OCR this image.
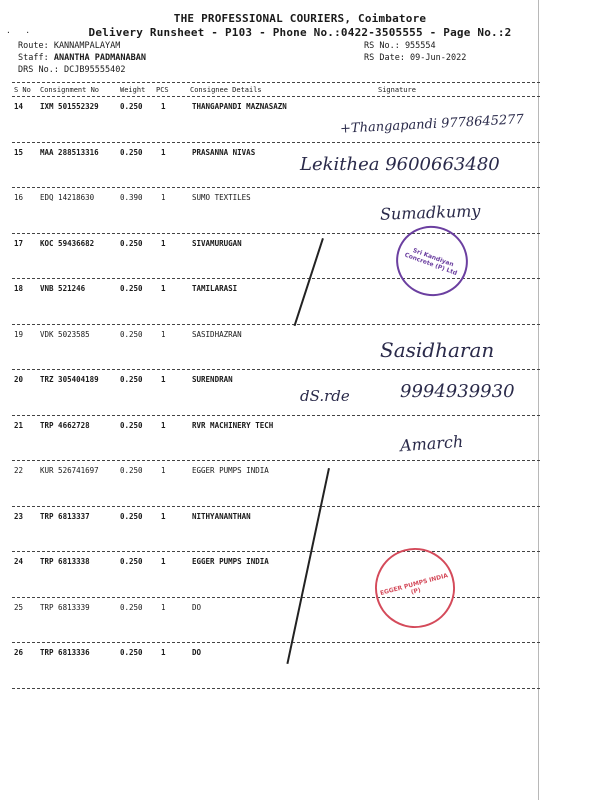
·   ·
THE PROFESSIONAL COURIERS, Coimbatore
Delivery Runsheet - P103 - Phone No.:0422-3505555 - Page No.:2
Route: KANNAMPALAYAM
Staff: ANANTHA PADMANABAN
DRS No.: DCJB95555402
RS No.: 955554
RS Date: 09-Jun-2022
S No Consignment No	Weight PCS	Consignee Details	Signature
14 IXM 501552329	0.250 1	THANGAPANDI MAZNASAZN
15 MAA 288513316	0.250 1	PRASANNA NIVAS
16 EDQ 14218630	0.390 1	SUMO TEXTILES
17 KOC 59436682	0.250 1	SIVAMURUGAN
18 VNB 521246	0.250 1	TAMILARASI
19 VDK 5023585	0.250 1	SASIDHAZRAN
20 TRZ 305404189	0.250 1	SURENDRAN
21 TRP 4662728	0.250 1	RVR MACHINERY TECH
22 KUR 526741697	0.250 1	EGGER PUMPS INDIA
23 TRP 6813337	0.250 1	NITHYANANTHAN
24 TRP 6813338	0.250 1	EGGER PUMPS INDIA
25 TRP 6813339	0.250 1	DO
26 TRP 6813336	0.250 1	DO
+Thangapandi 9778645277
Lekithea 9600663480
Sumadkumy
Sasidharan
dS.rde	9994939930
Amarch
Sri Kandiyan Concrete (P) Ltd
EGGER PUMPS INDIA (P)
